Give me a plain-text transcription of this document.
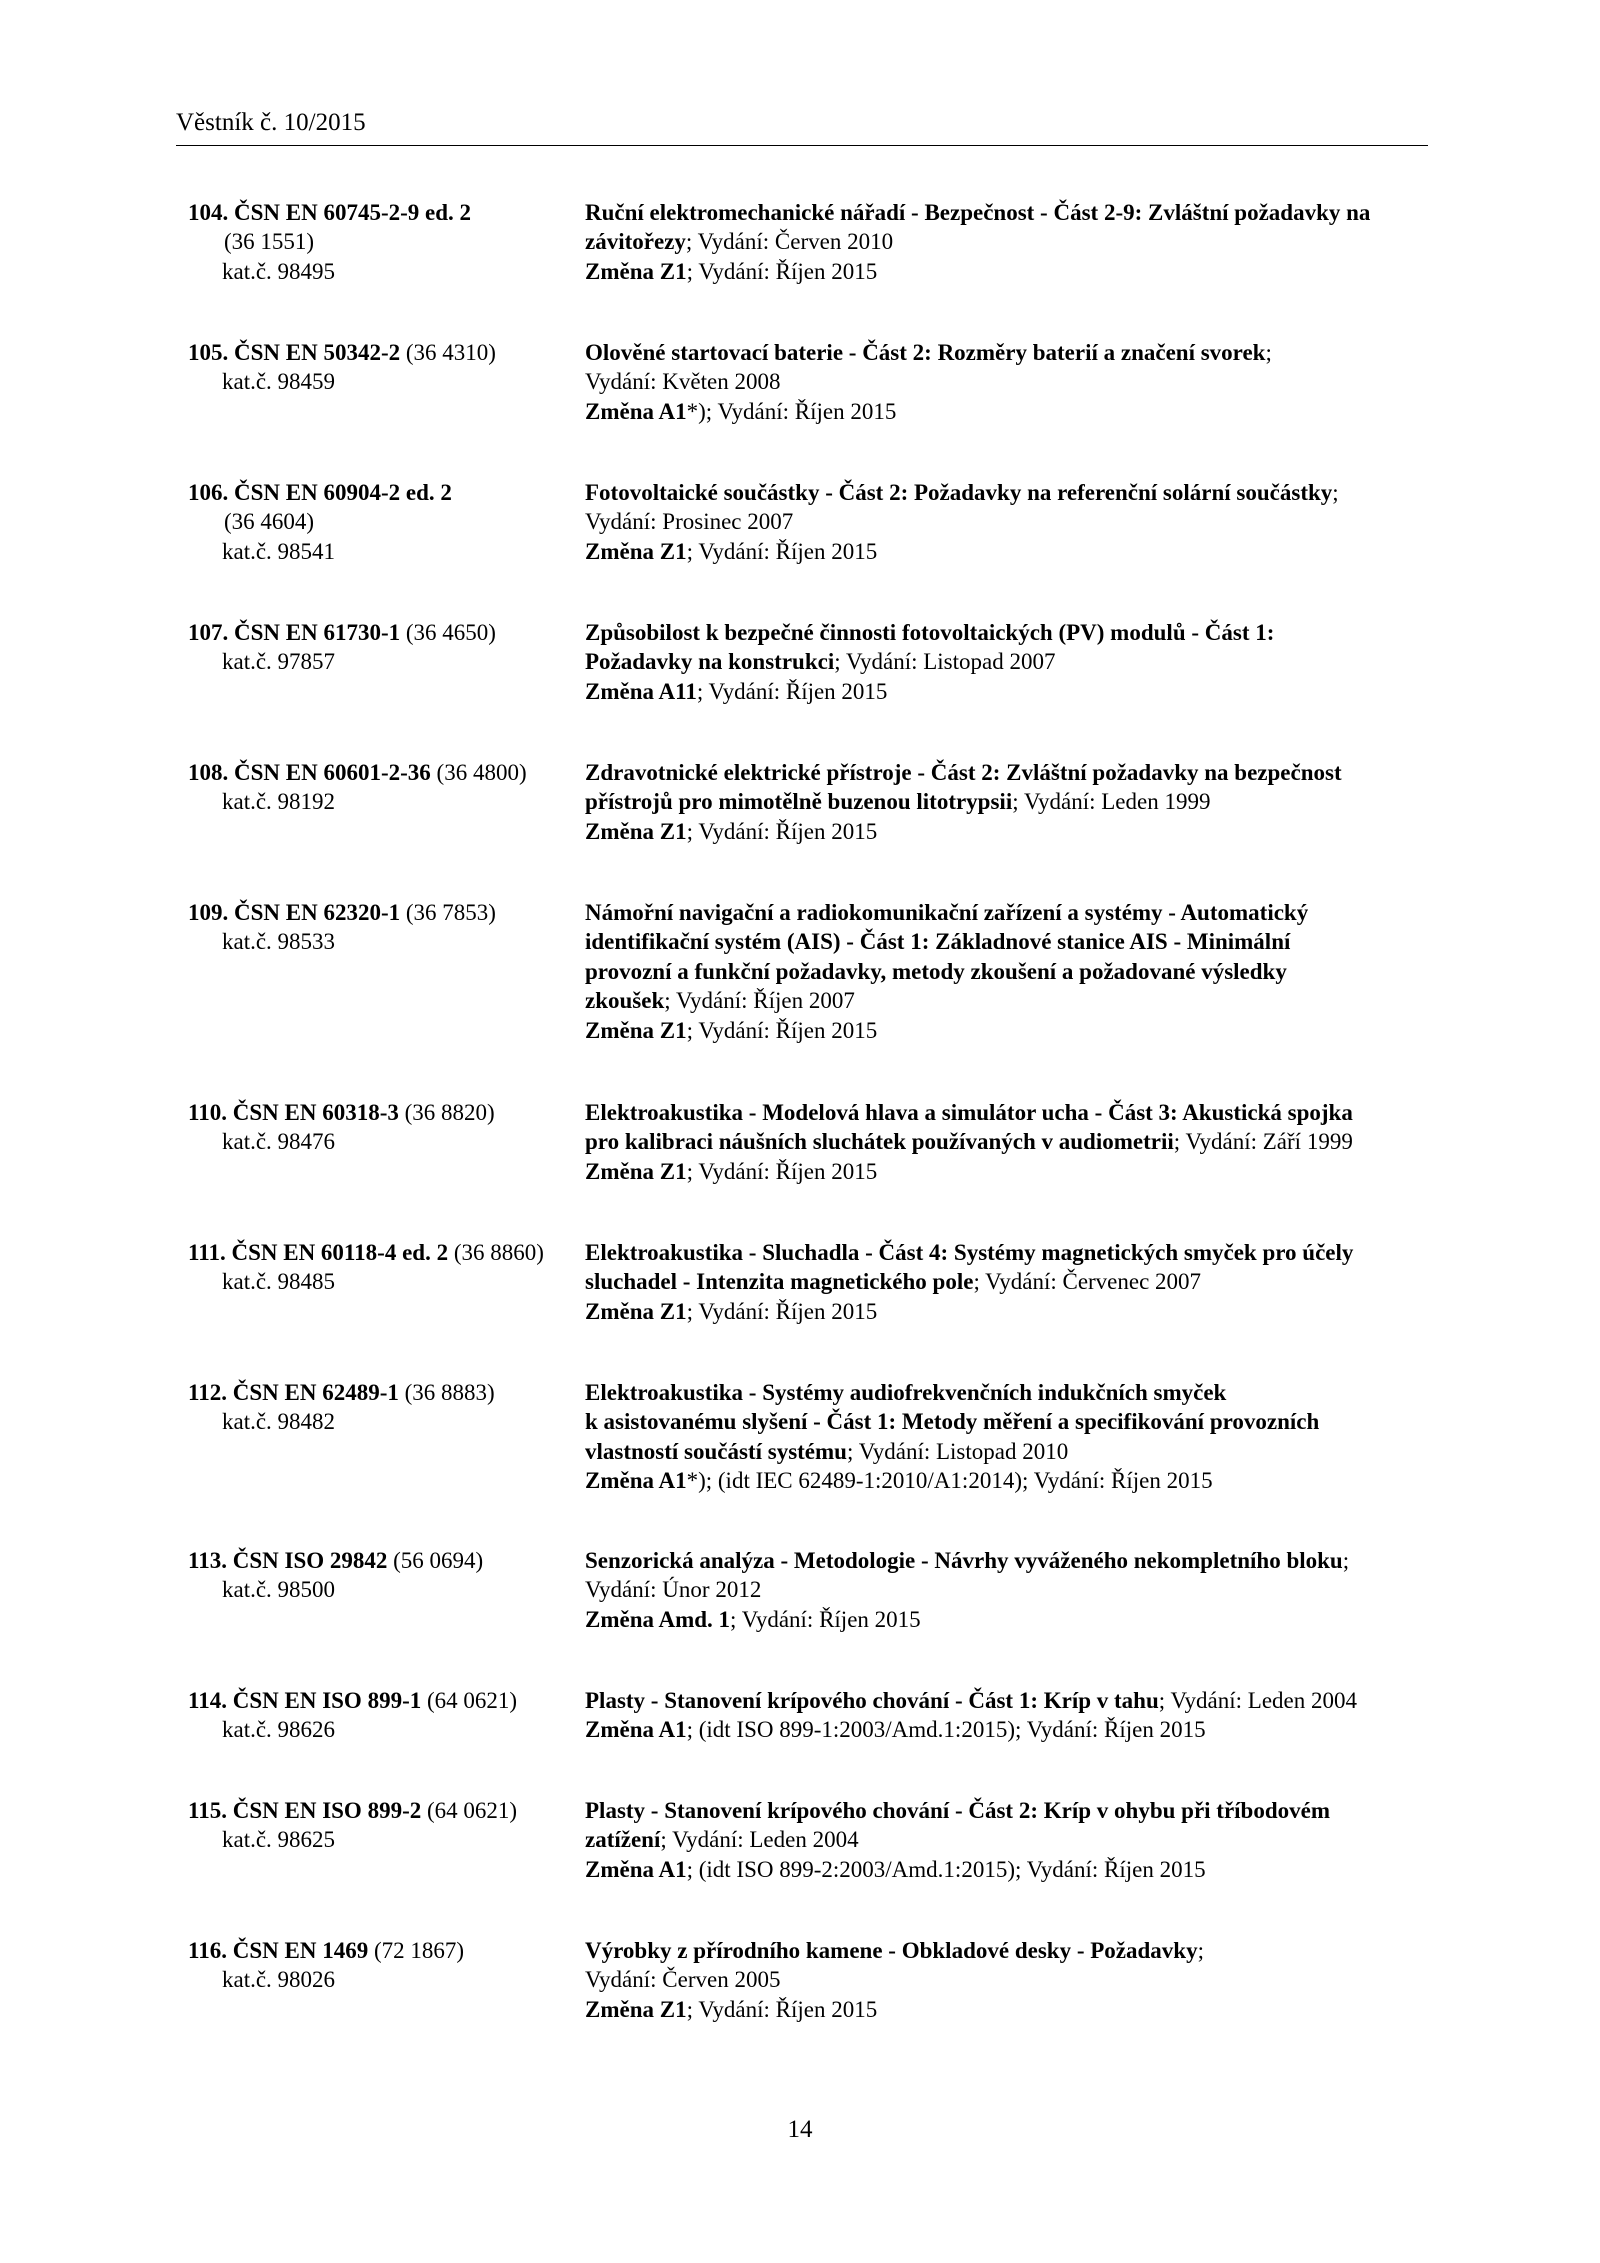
Věstník č. 10/2015
104. ČSN EN 60745-2-9 ed. 2
(36 1551)
kat.č. 98495
Ruční elektromechanické nářadí - Bezpečnost - Část 2-9: Zvláštní požadavky na
závitořezy; Vydání: Červen 2010
Změna Z1; Vydání: Říjen 2015
105. ČSN EN 50342-2 (36 4310)
kat.č. 98459
Olověné startovací baterie - Část 2: Rozměry baterií a značení svorek;
Vydání: Květen 2008
Změna A1*); Vydání: Říjen 2015
106. ČSN EN 60904-2 ed. 2
(36 4604)
kat.č. 98541
Fotovoltaické součástky - Část 2: Požadavky na referenční solární součástky;
Vydání: Prosinec 2007
Změna Z1; Vydání: Říjen 2015
107. ČSN EN 61730-1 (36 4650)
kat.č. 97857
Způsobilost k bezpečné činnosti fotovoltaických (PV) modulů - Část 1:
Požadavky na konstrukci; Vydání: Listopad 2007
Změna A11; Vydání: Říjen 2015
108. ČSN EN 60601-2-36 (36 4800)
kat.č. 98192
Zdravotnické elektrické přístroje - Část 2: Zvláštní požadavky na bezpečnost
přístrojů pro mimotělně buzenou litotrypsii; Vydání: Leden 1999
Změna Z1; Vydání: Říjen 2015
109. ČSN EN 62320-1 (36 7853)
kat.č. 98533
Námořní navigační a radiokomunikační zařízení a systémy - Automatický
identifikační systém (AIS) - Část 1: Základnové stanice AIS - Minimální
provozní a funkční požadavky, metody zkoušení a požadované výsledky
zkoušek; Vydání: Říjen 2007
Změna Z1; Vydání: Říjen 2015
110. ČSN EN 60318-3 (36 8820)
kat.č. 98476
Elektroakustika - Modelová hlava a simulátor ucha - Část 3: Akustická spojka
pro kalibraci náušních sluchátek používaných v audiometrii; Vydání: Září 1999
Změna Z1; Vydání: Říjen 2015
111. ČSN EN 60118-4 ed. 2 (36 8860)
kat.č. 98485
Elektroakustika - Sluchadla - Část 4: Systémy magnetických smyček pro účely
sluchadel - Intenzita magnetického pole; Vydání: Červenec 2007
Změna Z1; Vydání: Říjen 2015
112. ČSN EN 62489-1 (36 8883)
kat.č. 98482
Elektroakustika - Systémy audiofrekvenčních indukčních smyček
k asistovanému slyšení - Část 1: Metody měření a specifikování provozních
vlastností součástí systému; Vydání: Listopad 2010
Změna A1*); (idt IEC 62489-1:2010/A1:2014); Vydání: Říjen 2015
113. ČSN ISO 29842 (56 0694)
kat.č. 98500
Senzorická analýza - Metodologie - Návrhy vyváženého nekompletního bloku;
Vydání: Únor 2012
Změna Amd. 1; Vydání: Říjen 2015
114. ČSN EN ISO 899-1 (64 0621)
kat.č. 98626
Plasty - Stanovení krípového chování - Část 1: Kríp v tahu; Vydání: Leden 2004
Změna A1; (idt ISO 899-1:2003/Amd.1:2015); Vydání: Říjen 2015
115. ČSN EN ISO 899-2 (64 0621)
kat.č. 98625
Plasty - Stanovení krípového chování - Část 2: Kríp v ohybu při tříbodovém
zatížení; Vydání: Leden 2004
Změna A1; (idt ISO 899-2:2003/Amd.1:2015); Vydání: Říjen 2015
116. ČSN EN 1469 (72 1867)
kat.č. 98026
Výrobky z přírodního kamene - Obkladové desky - Požadavky;
Vydání: Červen 2005
Změna Z1; Vydání: Říjen 2015
14
